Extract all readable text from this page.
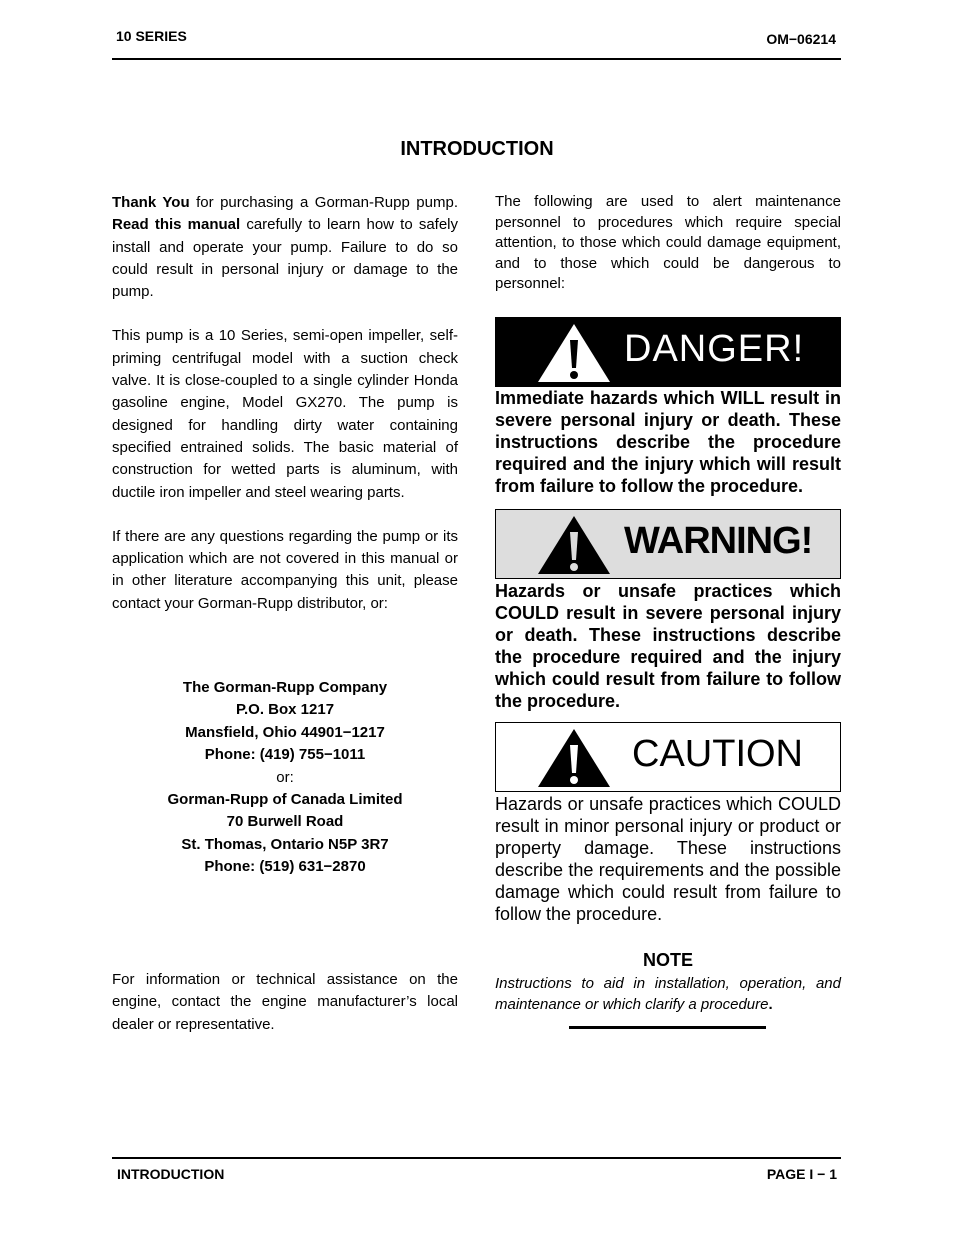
10 SERIES	OM−06214
INTRODUCTION

Thank You for purchasing a Gorman-Rupp pump. Read this manual carefully to learn how to safely install and operate your pump. Failure to do so could result in personal injury or damage to the pump.

This pump is a 10 Series, semi-open impeller, self-priming centrifugal model with a suction check valve. It is close-coupled to a single cylinder Honda gasoline engine, Model GX270. The pump is designed for handling dirty water containing specified entrained solids. The basic material of construction for wetted parts is aluminum, with ductile iron impeller and steel wearing parts.

If there are any questions regarding the pump or its application which are not covered in this manual or in other literature accompanying this unit, please contact your Gorman-Rupp distributor, or:

The Gorman-Rupp Company
P.O. Box 1217
Mansfield, Ohio 44901−1217
Phone: (419) 755−1011
or:
Gorman-Rupp of Canada Limited
70 Burwell Road
St. Thomas, Ontario N5P 3R7
Phone: (519) 631−2870
For information or technical assistance on the engine, contact the engine manufacturer’s local dealer or representative.
The following are used to alert maintenance personnel to procedures which require special attention, to those which could damage equipment, and to those which could be dangerous to personnel:
DANGER!
Immediate hazards which WILL result in severe personal injury or death. These instructions describe the procedure required and the injury which will result from failure to follow the procedure.
WARNING!
Hazards or unsafe practices which COULD result in severe personal injury or death. These instructions describe the procedure required and the injury which could result from failure to follow the procedure.
CAUTION
Hazards or unsafe practices which COULD result in minor personal injury or product or property damage. These instructions describe the requirements and the possible damage which could result from failure to follow the procedure.
NOTE
Instructions to aid in installation, operation, and maintenance or which clarify a procedure.
INTRODUCTION	PAGE I − 1
